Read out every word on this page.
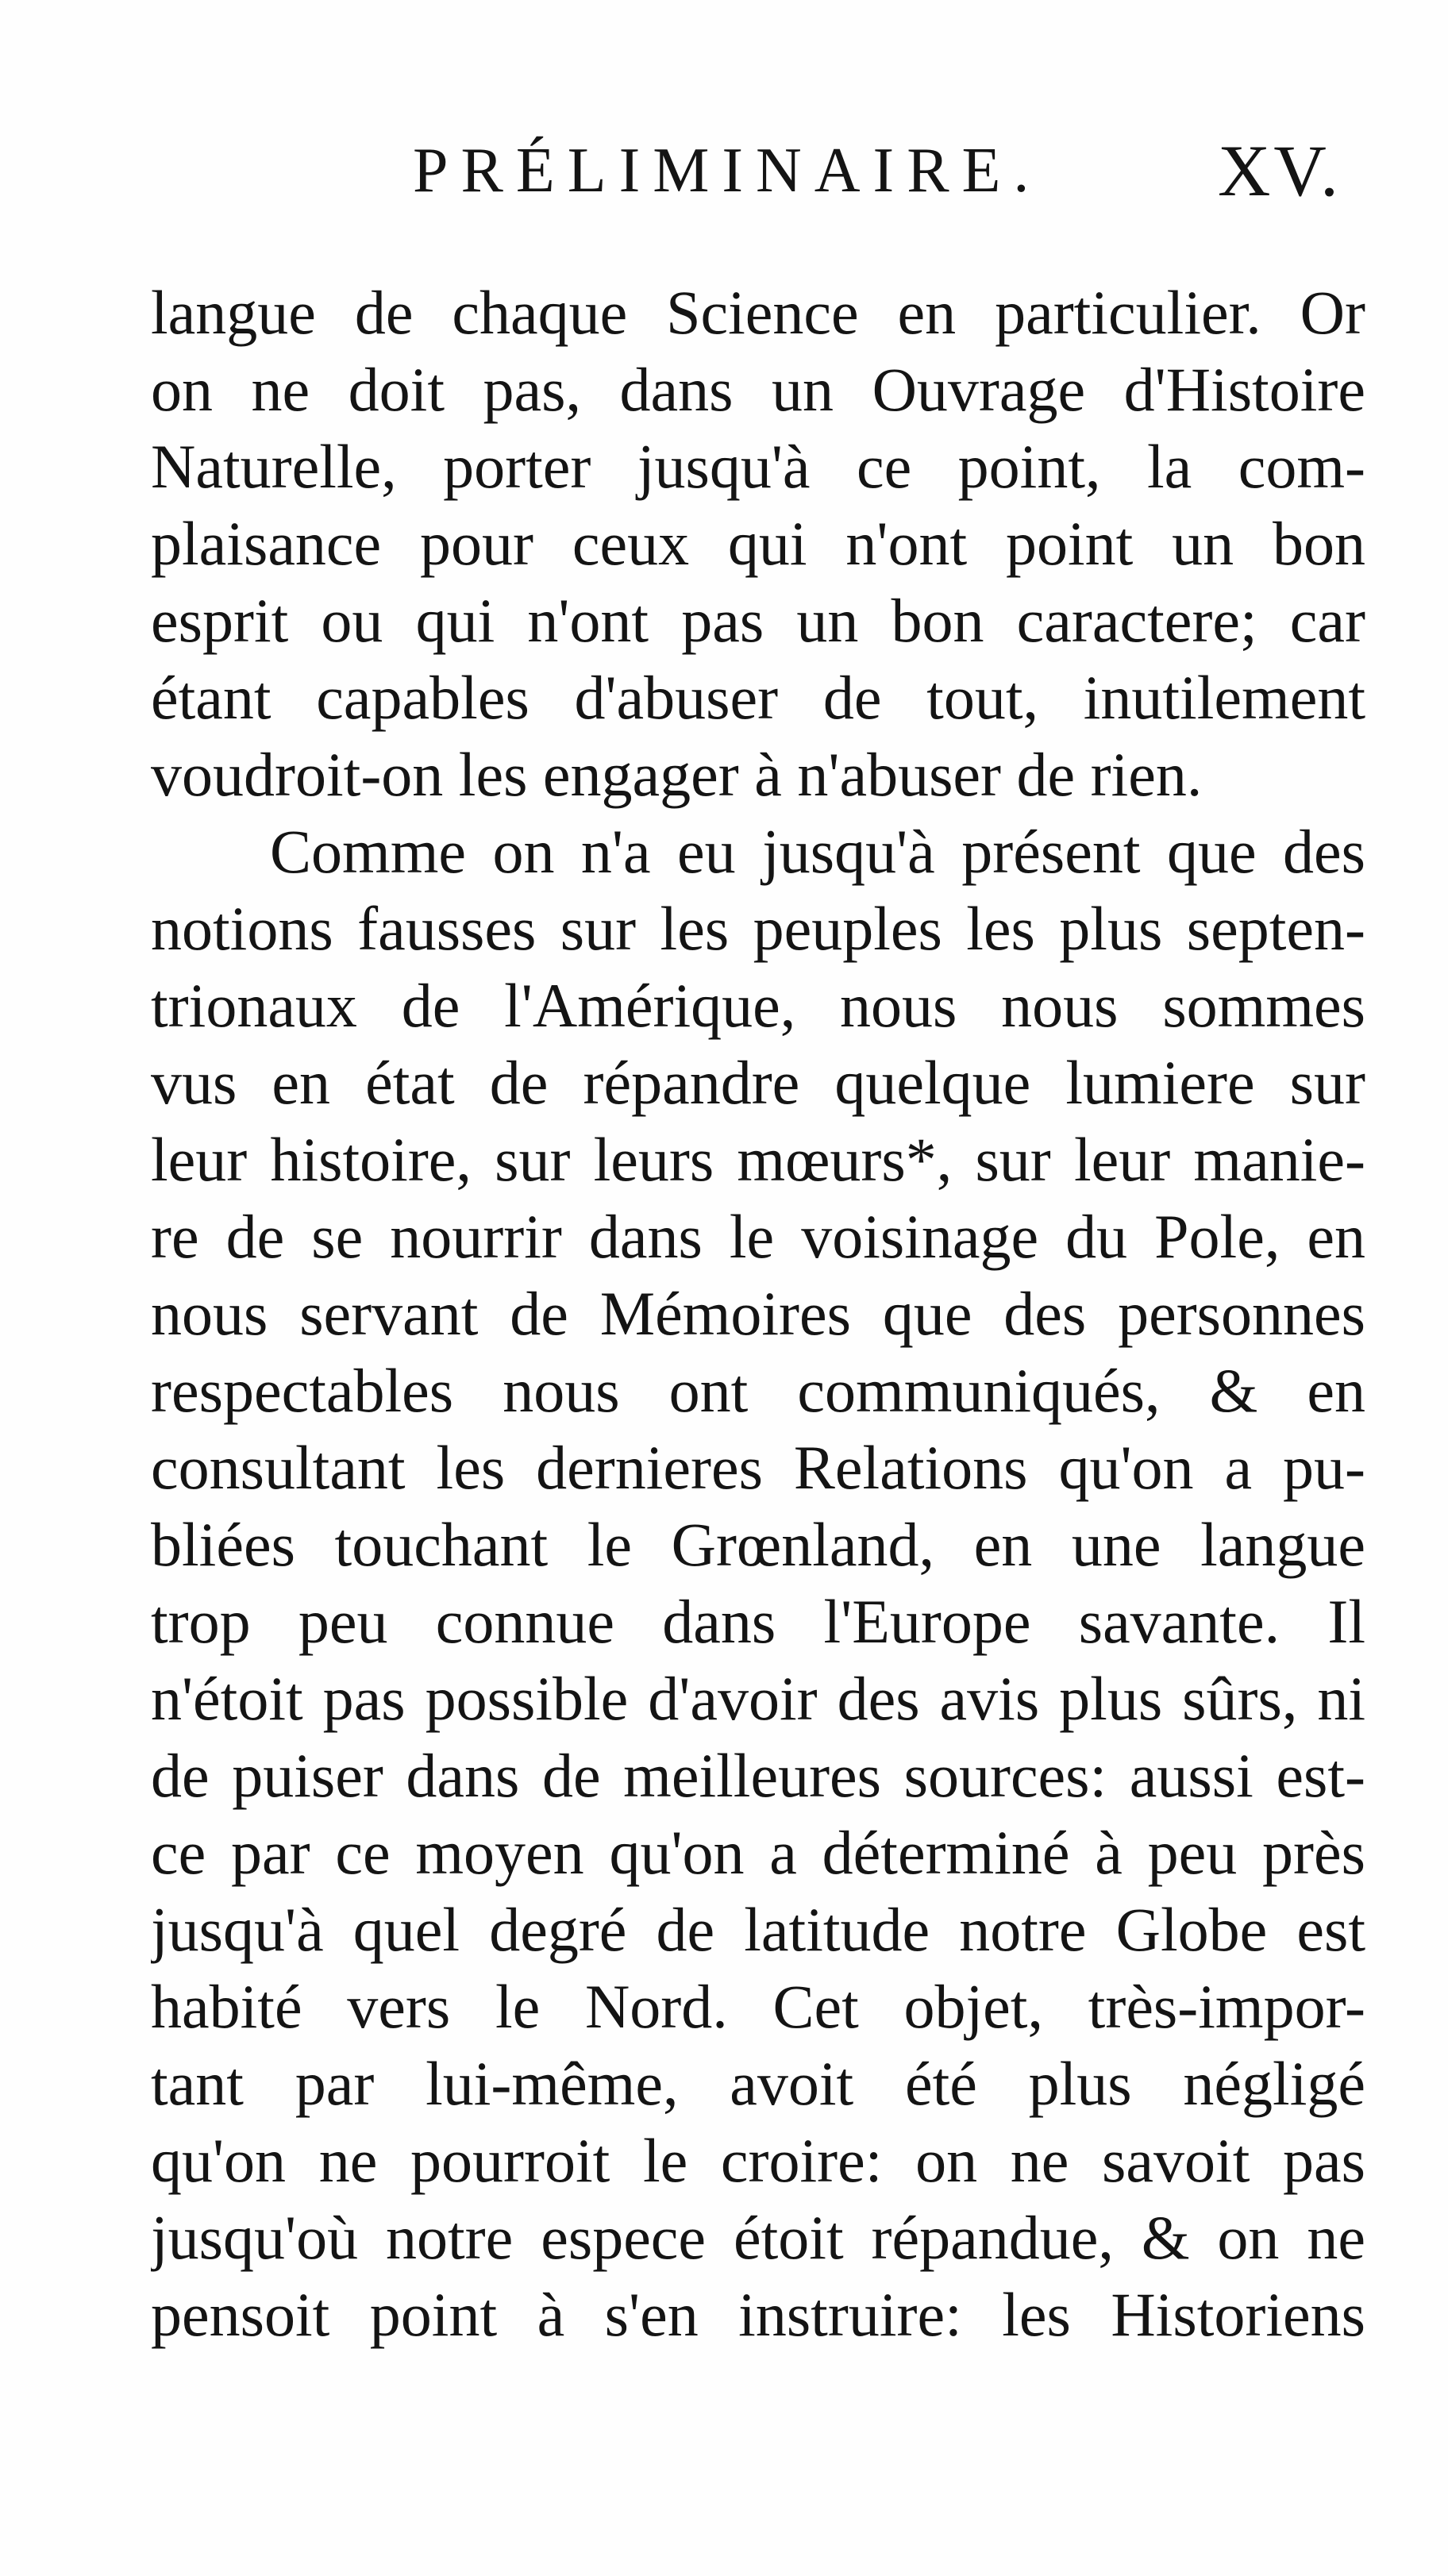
PRÉLIMINAIRE. XV.
langue de chaque Science en particulier. Or
on ne doit pas, dans un Ouvrage d'Histoire
Naturelle, porter jusqu'à ce point, la com-
plaisance pour ceux qui n'ont point un bon
esprit ou qui n'ont pas un bon caractere; car
étant capables d'abuser de tout, inutilement
voudroit-on les engager à n'abuser de rien.
Comme on n'a eu jusqu'à présent que des
notions fausses sur les peuples les plus septen-
trionaux de l'Amérique, nous nous sommes
vus en état de répandre quelque lumiere sur
leur histoire, sur leurs mœurs*, sur leur manie-
re de se nourrir dans le voisinage du Pole, en
nous servant de Mémoires que des personnes
respectables nous ont communiqués, & en
consultant les dernieres Relations qu'on a pu-
bliées touchant le Grœnland, en une langue
trop peu connue dans l'Europe savante. Il
n'étoit pas possible d'avoir des avis plus sûrs, ni
de puiser dans de meilleures sources: aussi est-
ce par ce moyen qu'on a déterminé à peu près
jusqu'à quel degré de latitude notre Globe est
habité vers le Nord. Cet objet, très-impor-
tant par lui-même, avoit été plus négligé
qu'on ne pourroit le croire: on ne savoit pas
jusqu'où notre espece étoit répandue, & on ne
pensoit point à s'en instruire: les Historiens
